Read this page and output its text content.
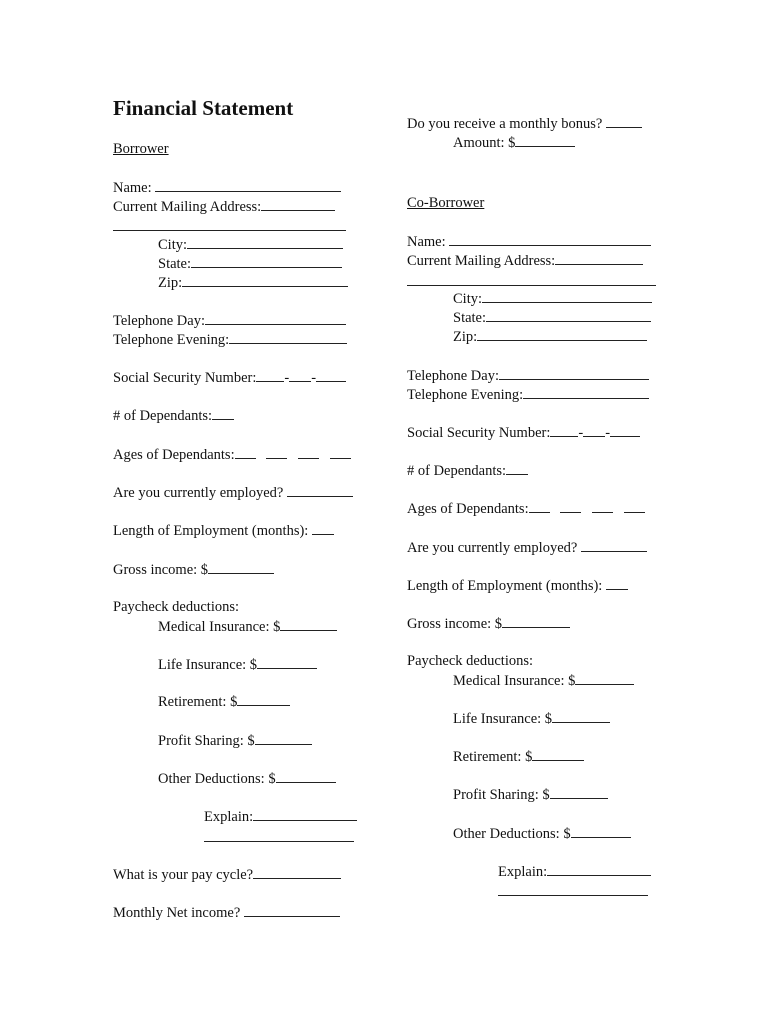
Financial Statement
Borrower
Name:
Current Mailing Address:
City:
State:
Zip:
Telephone Day:
Telephone Evening:
Social Security Number: - -
# of Dependants:
Ages of Dependants:
Are you currently employed?
Length of Employment (months):
Gross income: $
Paycheck deductions:
Medical Insurance: $
Life Insurance: $
Retirement: $
Profit Sharing: $
Other Deductions: $
Explain:
What is your pay cycle?
Monthly Net income?
Do you receive a monthly bonus?
Amount: $
Co-Borrower
Name:
Current Mailing Address:
City:
State:
Zip:
Telephone Day:
Telephone Evening:
Social Security Number: - -
# of Dependants:
Ages of Dependants:
Are you currently employed?
Length of Employment (months):
Gross income: $
Paycheck deductions:
Medical Insurance: $
Life Insurance: $
Retirement: $
Profit Sharing: $
Other Deductions: $
Explain:
